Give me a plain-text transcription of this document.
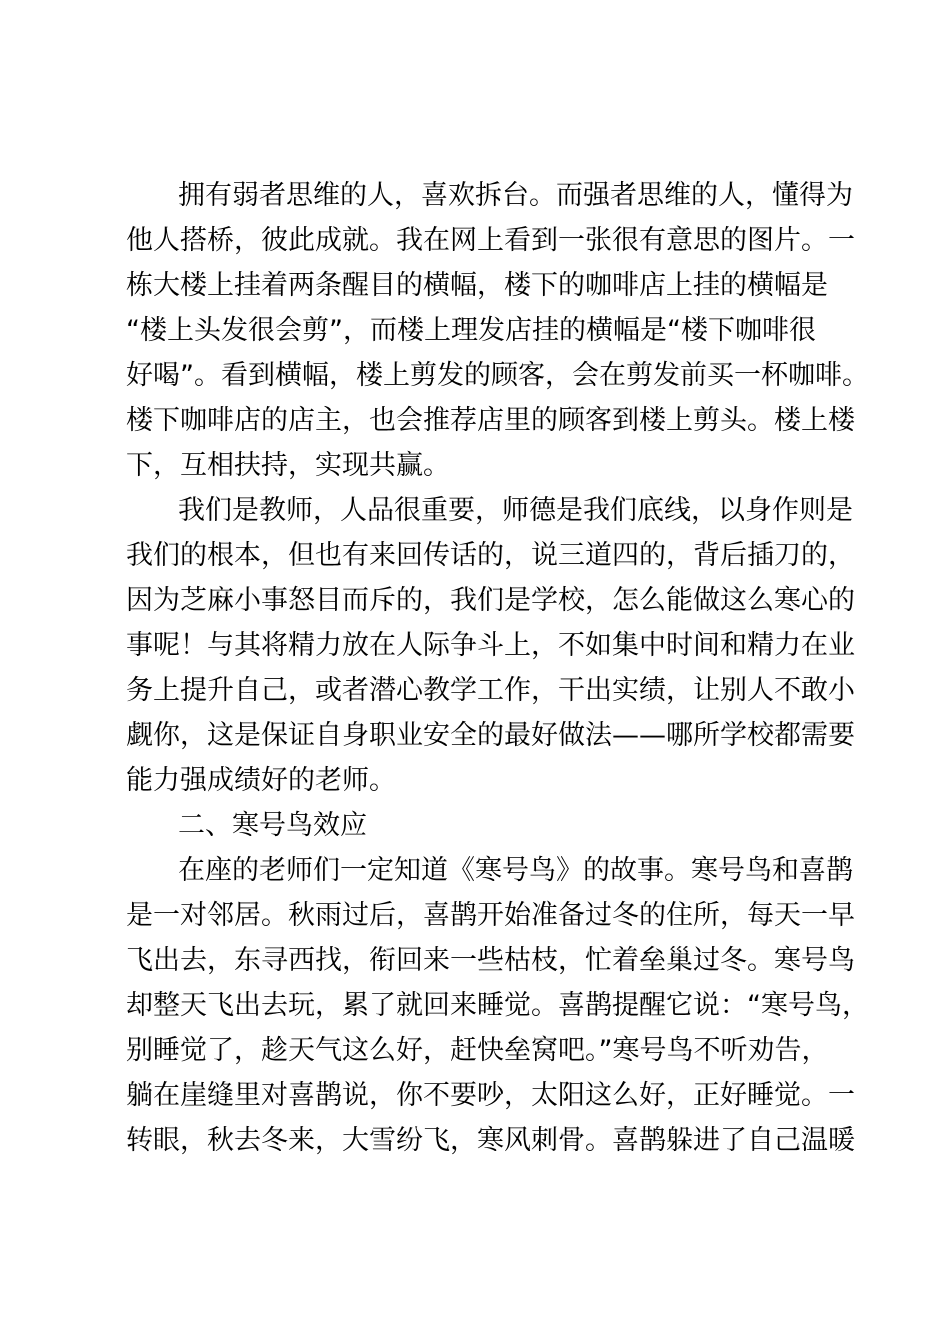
拥有弱者思维的人，喜欢拆台。而强者思维的人，懂得为
他人搭桥，彼此成就。我在网上看到一张很有意思的图片。一
栋大楼上挂着两条醒目的横幅，楼下的咖啡店上挂的横幅是
“楼上头发很会剪”，而楼上理发店挂的横幅是“楼下咖啡很
好喝”。看到横幅，楼上剪发的顾客，会在剪发前买一杯咖啡。
楼下咖啡店的店主，也会推荐店里的顾客到楼上剪头。楼上楼
下，互相扶持，实现共赢。
我们是教师，人品很重要，师德是我们底线，以身作则是
我们的根本，但也有来回传话的，说三道四的，背后插刀的，
因为芝麻小事怒目而斥的，我们是学校，怎么能做这么寒心的
事呢！与其将精力放在人际争斗上，不如集中时间和精力在业
务上提升自己，或者潜心教学工作，干出实绩，让别人不敢小
觑你，这是保证自身职业安全的最好做法——哪所学校都需要
能力强成绩好的老师。
二、寒号鸟效应
在座的老师们一定知道《寒号鸟》的故事。寒号鸟和喜鹊
是一对邻居。秋雨过后，喜鹊开始准备过冬的住所，每天一早
飞出去，东寻西找，衔回来一些枯枝，忙着垒巢过冬。寒号鸟
却整天飞出去玩，累了就回来睡觉。喜鹊提醒它说：“寒号鸟，
别睡觉了，趁天气这么好，赶快垒窝吧。”寒号鸟不听劝告，
躺在崖缝里对喜鹊说，你不要吵，太阳这么好，正好睡觉。一
转眼，秋去冬来，大雪纷飞，寒风刺骨。喜鹊躲进了自己温暖
